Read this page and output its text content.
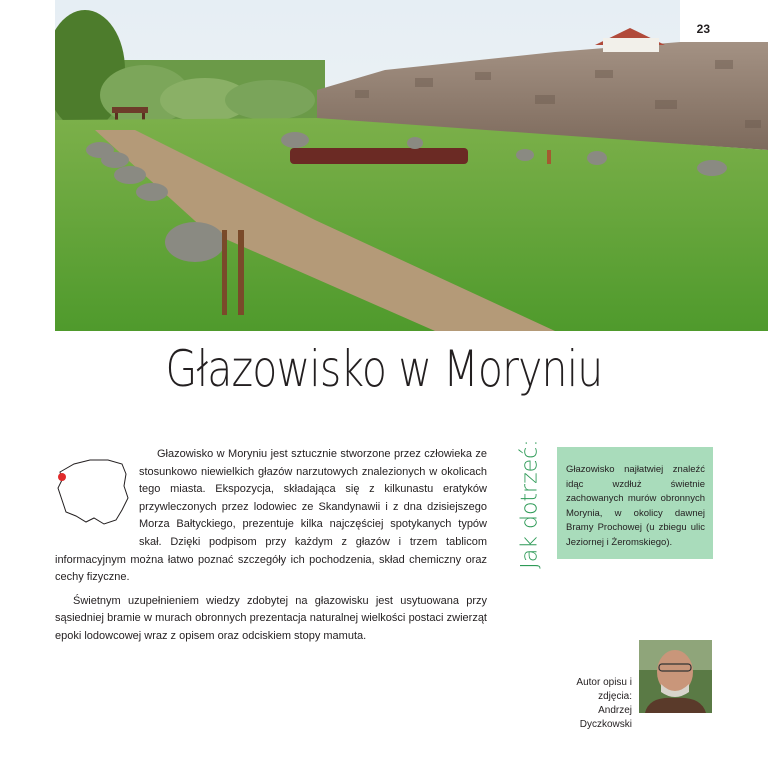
23
Głazowisko w Moryniu

Głazowisko w Moryniu jest sztucznie stworzone przez człowieka ze stosunkowo niewielkich głazów narzutowych znalezionych w okolicach tego miasta. Ekspozycja, składająca się z kilkunastu eratyków przywleczonych przez lodowiec ze Skandynawii i z dna dzisiejszego Morza Bałtyckiego, prezentuje kilka najczęściej spotykanych typów skał. Dzięki podpisom przy każdym z głazów i trzem tablicom informacyjnym można łatwo poznać szczegóły ich pochodzenia, skład chemiczny oraz cechy fizyczne.

Świetnym uzupełnieniem wiedzy zdobytej na głazowisku jest usytuowana przy sąsiedniej bramie w murach obronnych prezentacja naturalnej wielkości postaci zwierząt epoki lodowcowej wraz z opisem oraz odciskiem stopy mamuta.

Jak dotrzeć:	Głazowisko najłatwiej znaleźć idąc wzdłuż świetnie zachowanych murów obronnych Morynia, w okolicy dawnej Bramy Prochowej (u zbiegu ulic Jeziornej i Żeromskiego).
Autor opisu i zdjęcia:
Andrzej Dyczkowski
